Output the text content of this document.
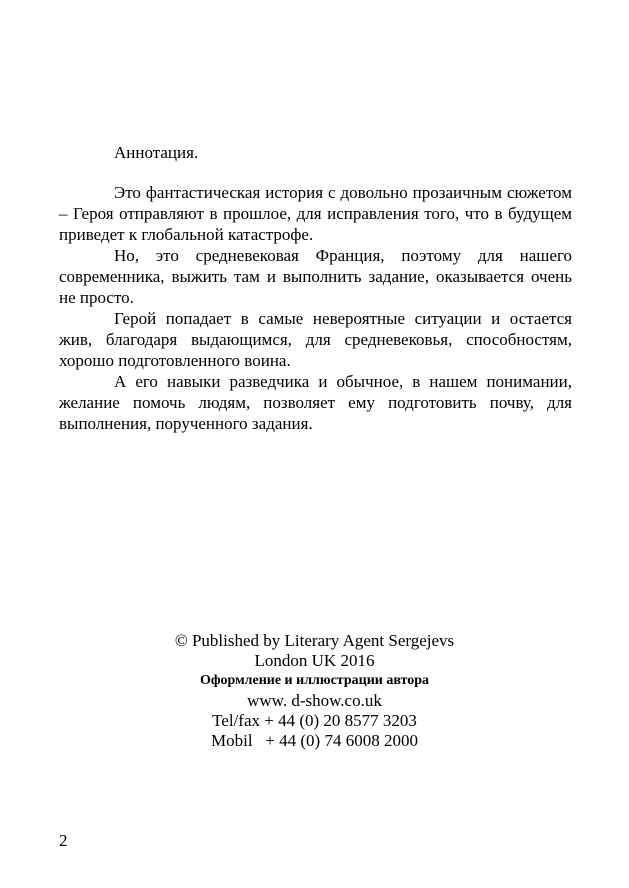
Аннотация.

Это фантастическая история с довольно прозаичным сюжетом – Героя отправляют в прошлое, для исправления того, что в будущем приведет к глобальной катастрофе.

Но, это средневековая Франция, поэтому для нашего современника, выжить там и выполнить задание, оказывается очень не просто.

Герой попадает в самые невероятные ситуации и остается жив, благодаря выдающимся, для средневековья, способностям, хорошо подготовленного воина.

А его навыки разведчика и обычное, в нашем понимании, желание помочь людям, позволяет ему подготовить почву, для выполнения, порученного задания.

© Published by Literary Agent Sergejevs
London UK 2016
Оформление и иллюстрации автора
www. d-show.co.uk
Tel/fax + 44 (0) 20 8577 3203
Mobil   + 44 (0) 74 6008 2000
2
